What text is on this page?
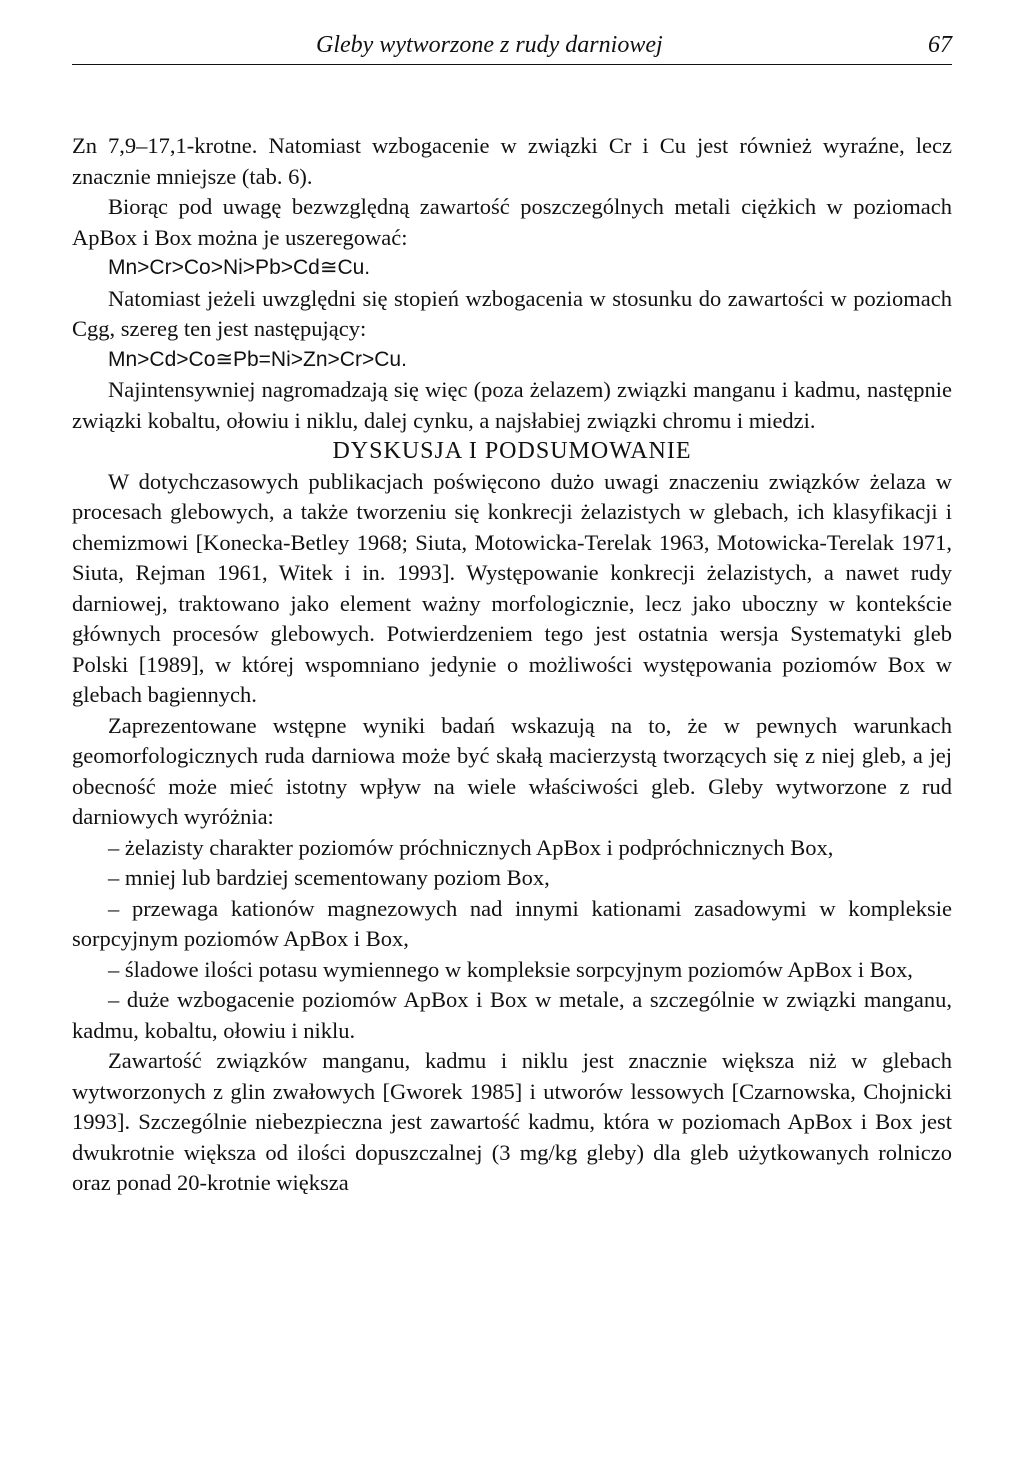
Gleby wytworzone z rudy darniowej	67

Zn 7,9–17,1-krotne. Natomiast wzbogacenie w związki Cr i Cu jest również wyraźne, lecz znacznie mniejsze (tab. 6).

Biorąc pod uwagę bezwzględną zawartość poszczególnych metali ciężkich w poziomach ApBox i Box można je uszeregować:

Mn>Cr>Co>Ni>Pb>Cd≅Cu.

Natomiast jeżeli uwzględni się stopień wzbogacenia w stosunku do zawartości w poziomach Cgg, szereg ten jest następujący:

Mn>Cd>Co≅Pb=Ni>Zn>Cr>Cu.

Najintensywniej nagromadzają się więc (poza żelazem) związki manganu i kadmu, następnie związki kobaltu, ołowiu i niklu, dalej cynku, a najsłabiej związki chromu i miedzi.

DYSKUSJA I PODSUMOWANIE

W dotychczasowych publikacjach poświęcono dużo uwagi znaczeniu związków żelaza w procesach glebowych, a także tworzeniu się konkrecji żelazistych w glebach, ich klasyfikacji i chemizmowi [Konecka-Betley 1968; Siuta, Motowicka-Terelak 1963, Motowicka-Terelak 1971, Siuta, Rejman 1961, Witek i in. 1993]. Występowanie konkrecji żelazistych, a nawet rudy darniowej, traktowano jako element ważny morfologicznie, lecz jako uboczny w kontekście głównych procesów glebowych. Potwierdzeniem tego jest ostatnia wersja Systematyki gleb Polski [1989], w której wspomniano jedynie o możliwości występowania poziomów Box w glebach bagiennych.

Zaprezentowane wstępne wyniki badań wskazują na to, że w pewnych warunkach geomorfologicznych ruda darniowa może być skałą macierzystą tworzących się z niej gleb, a jej obecność może mieć istotny wpływ na wiele właściwości gleb. Gleby wytworzone z rud darniowych wyróżnia:

– żelazisty charakter poziomów próchnicznych ApBox i podpróchnicznych Box,

– mniej lub bardziej scementowany poziom Box,

– przewaga kationów magnezowych nad innymi kationami zasadowymi w kompleksie sorpcyjnym poziomów ApBox i Box,

– śladowe ilości potasu wymiennego w kompleksie sorpcyjnym poziomów ApBox i Box,

– duże wzbogacenie poziomów ApBox i Box w metale, a szczególnie w związki manganu, kadmu, kobaltu, ołowiu i niklu.

Zawartość związków manganu, kadmu i niklu jest znacznie większa niż w glebach wytworzonych z glin zwałowych [Gworek 1985] i utworów lessowych [Czarnowska, Chojnicki 1993]. Szczególnie niebezpieczna jest zawartość kadmu, która w poziomach ApBox i Box jest dwukrotnie większa od ilości dopuszczalnej (3 mg/kg gleby) dla gleb użytkowanych rolniczo oraz ponad 20-krotnie większa
